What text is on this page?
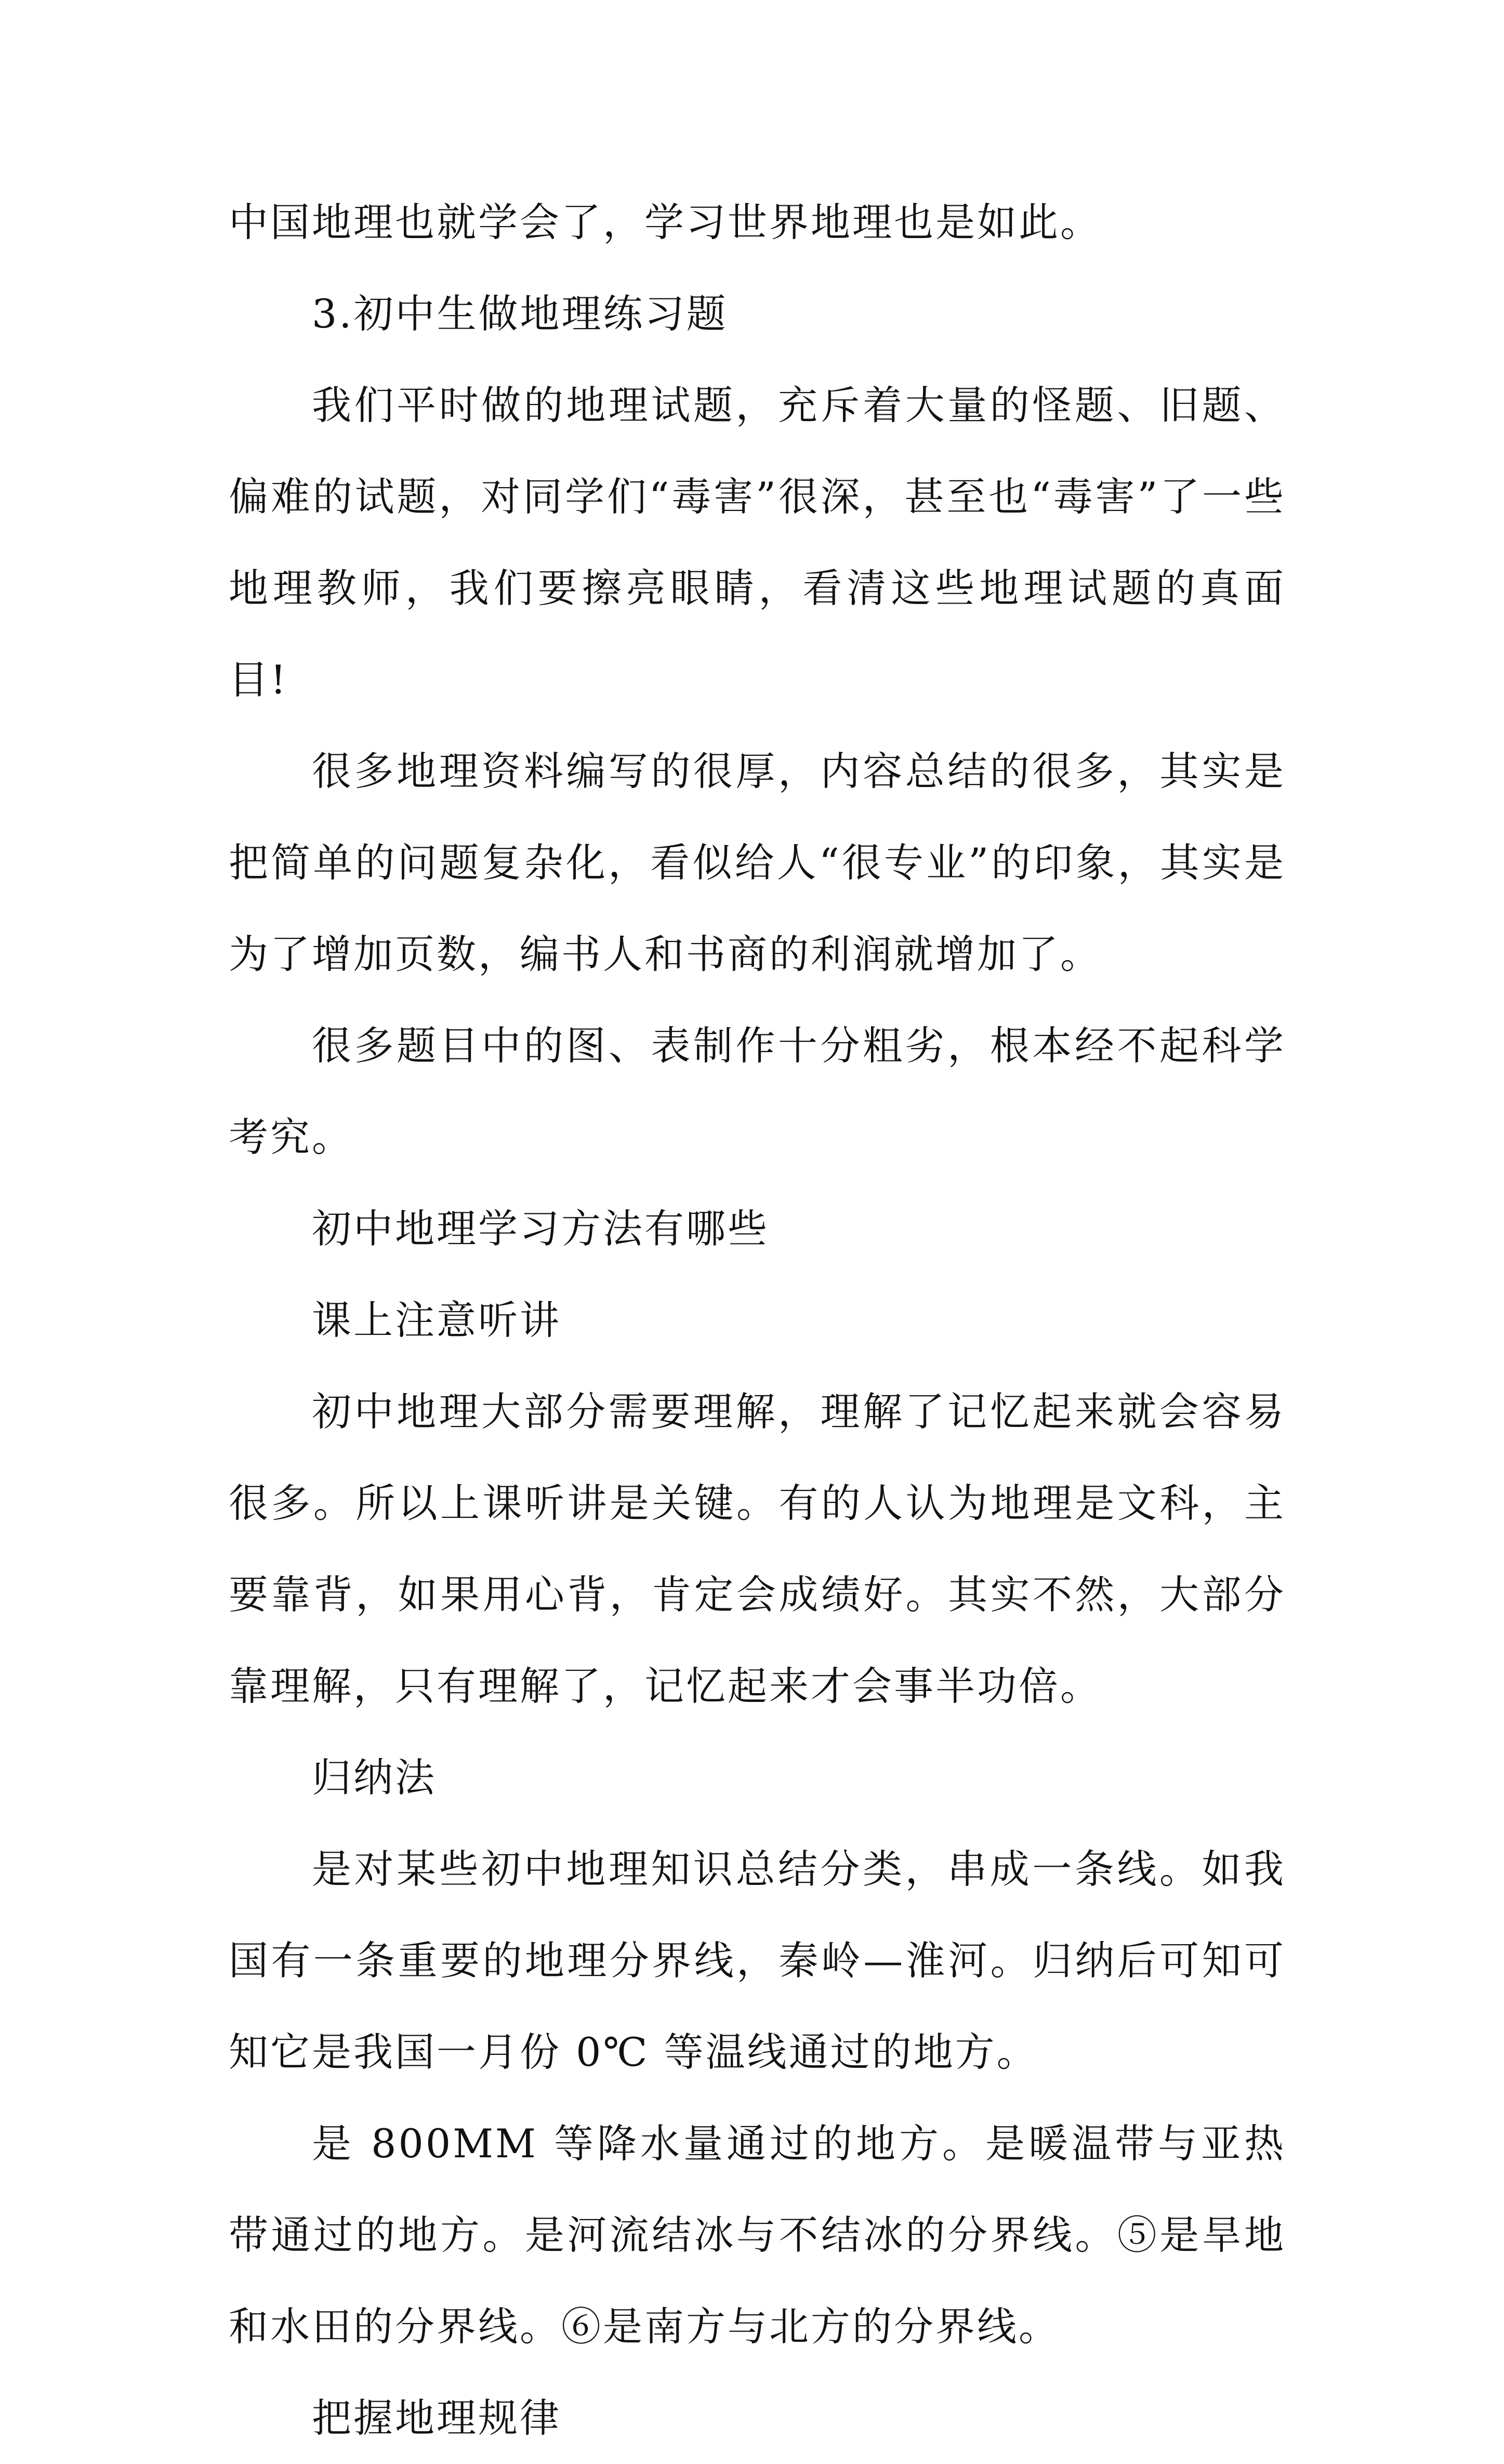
中国地理也就学会了，学习世界地理也是如此。

3.初中生做地理练习题

我们平时做的地理试题，充斥着大量的怪题、旧题、偏难的试题，对同学们“毒害”很深，甚至也“毒害”了一些地理教师，我们要擦亮眼睛，看清这些地理试题的真面目!

很多地理资料编写的很厚，内容总结的很多，其实是把简单的问题复杂化，看似给人“很专业”的印象，其实是为了增加页数，编书人和书商的利润就增加了。

很多题目中的图、表制作十分粗劣，根本经不起科学考究。

初中地理学习方法有哪些

课上注意听讲

初中地理大部分需要理解，理解了记忆起来就会容易很多。所以上课听讲是关键。有的人认为地理是文科，主要靠背，如果用心背，肯定会成绩好。其实不然，大部分靠理解，只有理解了，记忆起来才会事半功倍。

归纳法

是对某些初中地理知识总结分类，串成一条线。如我国有一条重要的地理分界线，秦岭—淮河。归纳后可知可知它是我国一月份 0℃ 等温线通过的地方。

是 800MM 等降水量通过的地方。是暖温带与亚热带通过的地方。是河流结冰与不结冰的分界线。⑤是旱地和水田的分界线。⑥是南方与北方的分界线。

把握地理规律
